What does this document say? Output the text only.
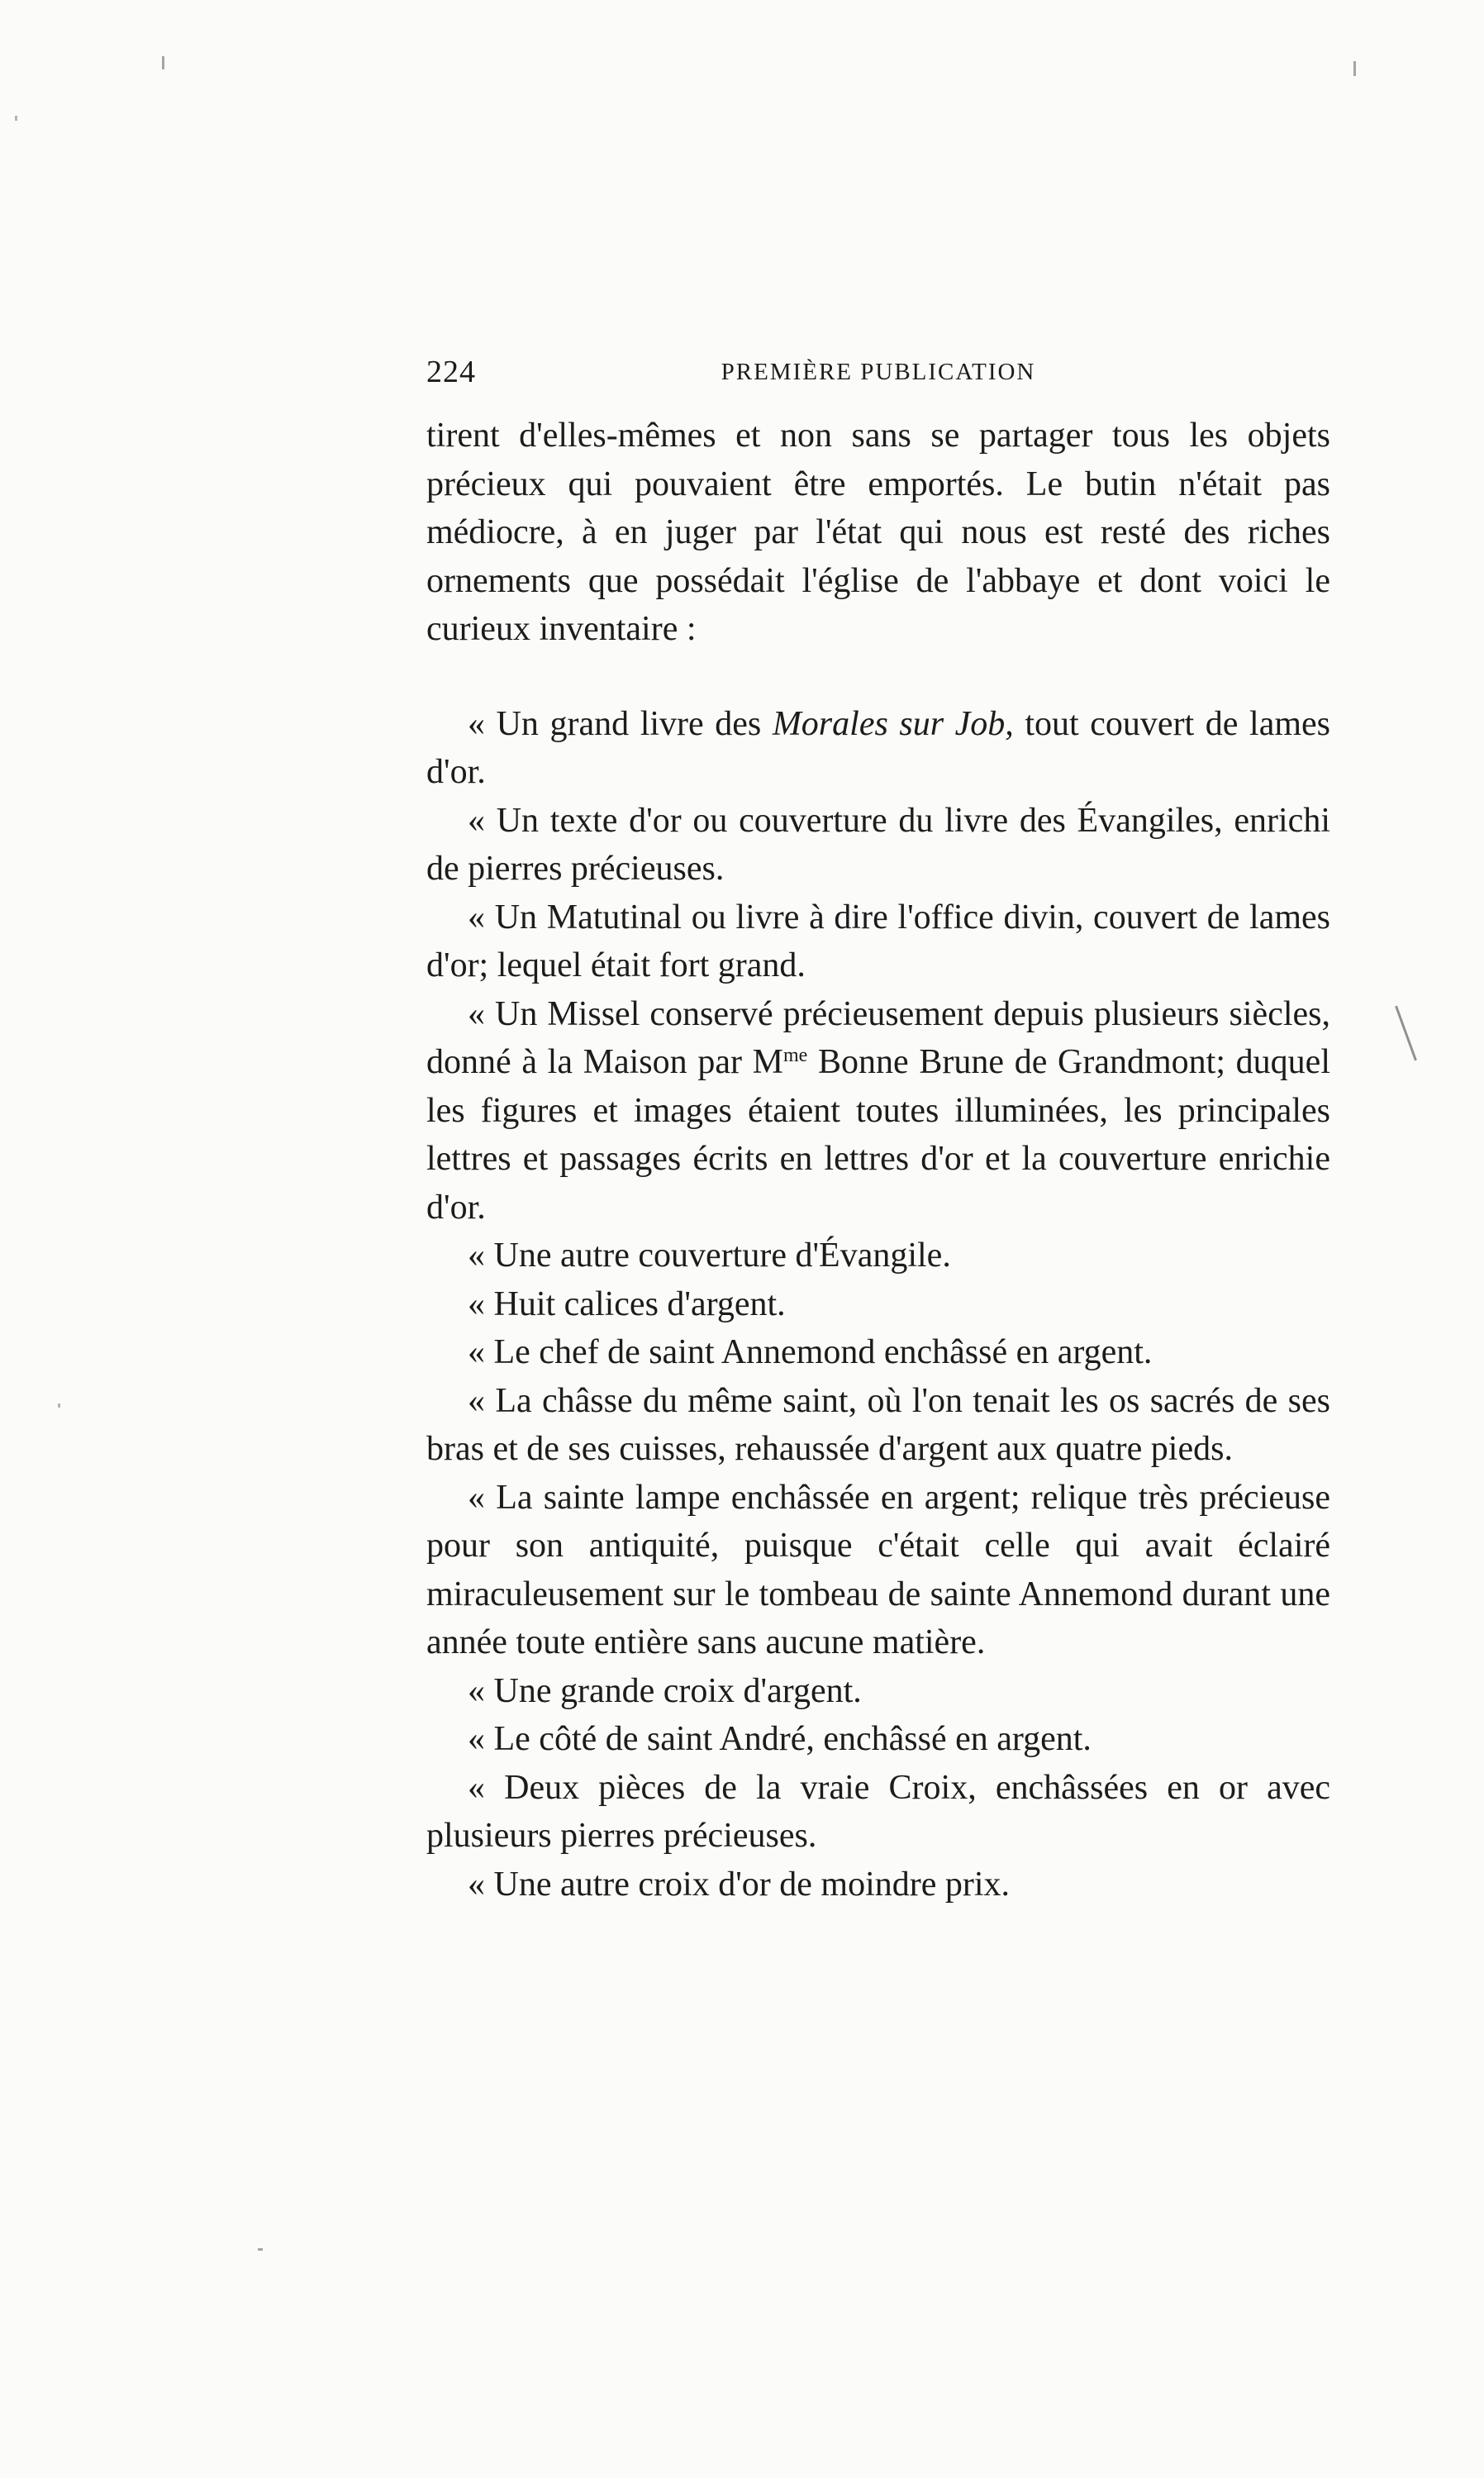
224	PREMIÈRE PUBLICATION

tirent d'elles-mêmes et non sans se partager tous les objets précieux qui pouvaient être emportés. Le butin n'était pas médiocre, à en juger par l'état qui nous est resté des riches ornements que possédait l'église de l'abbaye et dont voici le curieux inventaire :

« Un grand livre des Morales sur Job, tout couvert de lames d'or.

« Un texte d'or ou couverture du livre des Évangiles, enrichi de pierres précieuses.

« Un Matutinal ou livre à dire l'office divin, couvert de lames d'or; lequel était fort grand.

« Un Missel conservé précieusement depuis plusieurs siècles, donné à la Maison par $M^{me}$ Bonne Brune de Grandmont; duquel les figures et images étaient toutes illuminées, les principales lettres et passages écrits en lettres d'or et la couverture enrichie d'or.

« Une autre couverture d'Évangile.

« Huit calices d'argent.

« Le chef de saint Annemond enchâssé en argent.

« La châsse du même saint, où l'on tenait les os sacrés de ses bras et de ses cuisses, rehaussée d'argent aux quatre pieds.

« La sainte lampe enchâssée en argent; relique très précieuse pour son antiquité, puisque c'était celle qui avait éclairé miraculeusement sur le tombeau de sainte Annemond durant une année toute entière sans aucune matière.

« Une grande croix d'argent.

« Le côté de saint André, enchâssé en argent.

« Deux pièces de la vraie Croix, enchâssées en or avec plusieurs pierres précieuses.

« Une autre croix d'or de moindre prix.
